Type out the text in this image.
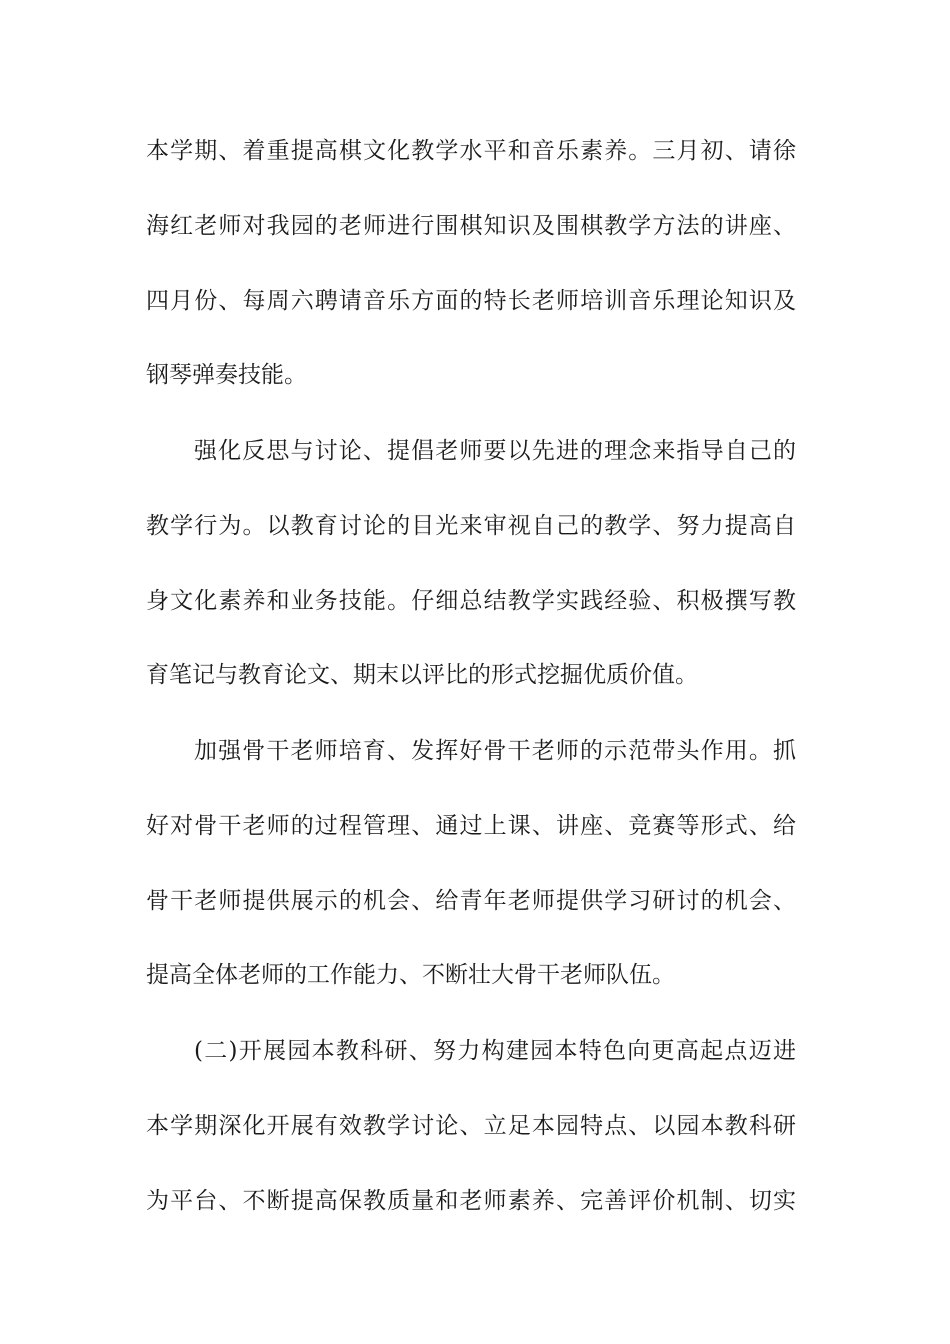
本学期、着重提高棋文化教学水平和音乐素养。三月初、请徐
海红老师对我园的老师进行围棋知识及围棋教学方法的讲座、
四月份、每周六聘请音乐方面的特长老师培训音乐理论知识及
钢琴弹奏技能。
强化反思与讨论、提倡老师要以先进的理念来指导自己的
教学行为。以教育讨论的目光来审视自己的教学、努力提高自
身文化素养和业务技能。仔细总结教学实践经验、积极撰写教
育笔记与教育论文、期末以评比的形式挖掘优质价值。
加强骨干老师培育、发挥好骨干老师的示范带头作用。抓
好对骨干老师的过程管理、通过上课、讲座、竞赛等形式、给
骨干老师提供展示的机会、给青年老师提供学习研讨的机会、
提高全体老师的工作能力、不断壮大骨干老师队伍。
(二)开展园本教科研、努力构建园本特色向更高起点迈进
本学期深化开展有效教学讨论、立足本园特点、以园本教科研
为平台、不断提高保教质量和老师素养、完善评价机制、切实
